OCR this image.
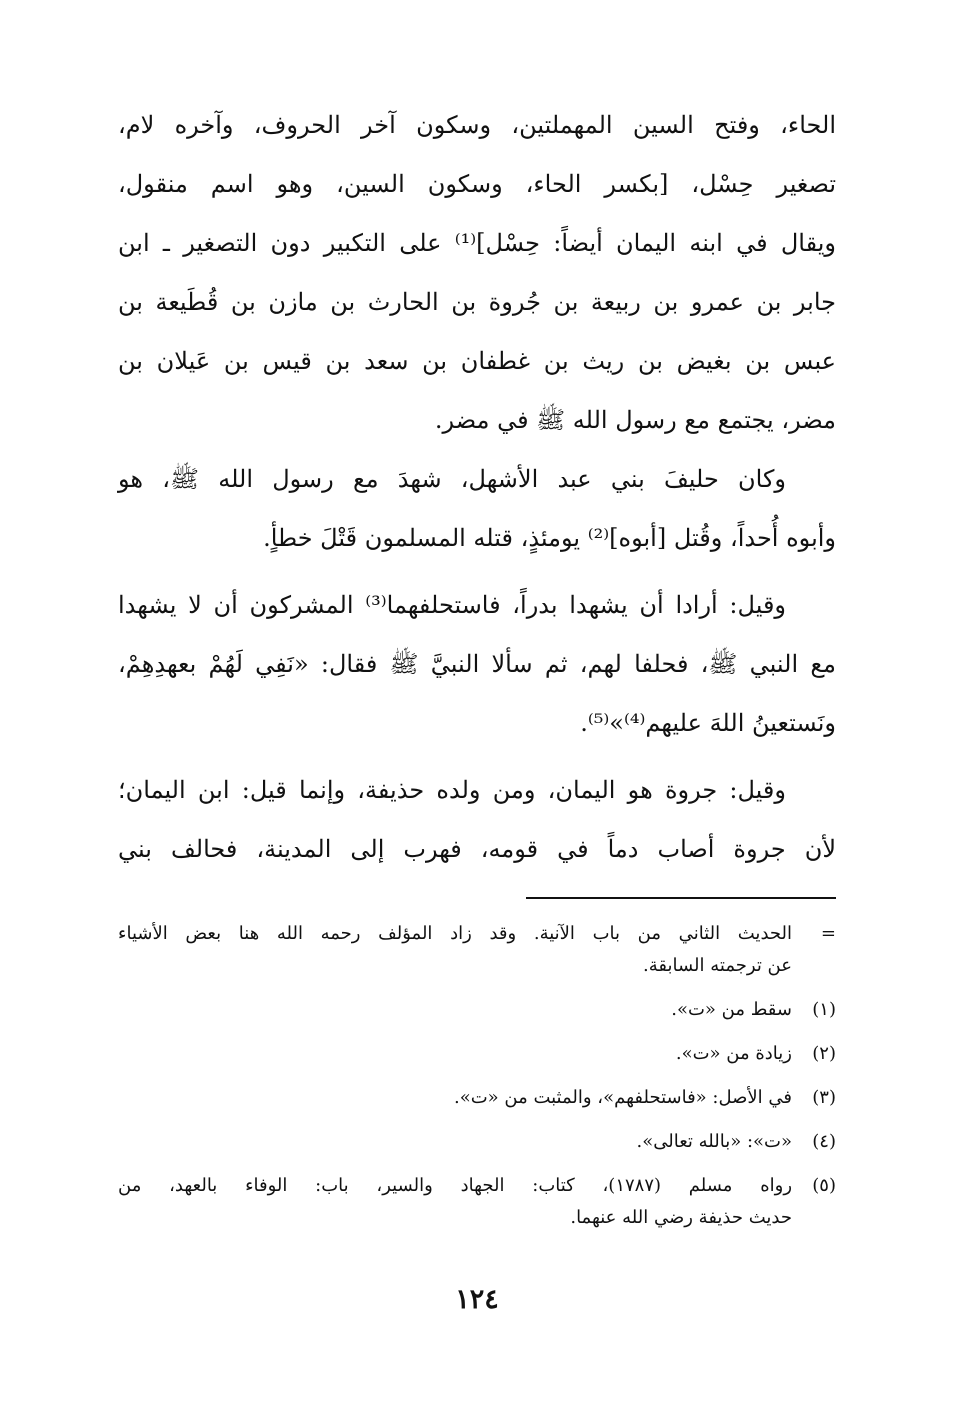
الحاء، وفتح السين المهملتين، وسكون آخر الحروف، وآخره لام،
تصغير حِسْل، [بكسر الحاء، وسكون السين، وهو اسم منقول،
ويقال في ابنه اليمان أيضاً: حِسْل]⁽¹⁾ على التكبير دون التصغير ـ ابن
جابر بن عمرو بن ربيعة بن جُروة بن الحارث بن مازن بن قُطَيعة بن
عبس بن بغيض بن ريث بن غطفان بن سعد بن قيس بن عَيلان بن
مضر، يجتمع مع رسول الله ﷺ في مضر.

وكان حليفَ بني عبد الأشهل، شهدَ مع رسول الله ﷺ، هو
وأبوه أُحداً، وقُتل [أبوه]⁽²⁾ يومئذٍ، قتله المسلمون قَتْلَ خطأٍ.

وقيل: أرادا أن يشهدا بدراً، فاستحلفهما⁽³⁾ المشركون أن لا يشهدا
مع النبي ﷺ، فحلفا لهم، ثم سألا النبيَّ ﷺ فقال: «نَفِي لَهُمْ بعهدِهِمْ،
ونَستعينُ اللهَ عليهم⁽⁴⁾»⁽⁵⁾.

وقيل: جروة هو اليمان، ومن ولده حذيفة، وإنما قيل: ابن اليمان؛
لأن جروة أصاب دماً في قومه، فهرب إلى المدينة، فحالف بني

=
الحديث الثاني من باب الآنية. وقد زاد المؤلف رحمه الله هنا بعض الأشياء
عن ترجمته السابقة.
(١)
سقط من «ت».
(٢)
زيادة من «ت».
(٣)
في الأصل: «فاستحلفهم»، والمثبت من «ت».
(٤)
«ت»: «بالله تعالى».
(٥)
رواه مسلم (١٧٨٧)، كتاب: الجهاد والسير، باب: الوفاء بالعهد، من
حديث حذيفة رضي الله عنهما.
١٢٤
